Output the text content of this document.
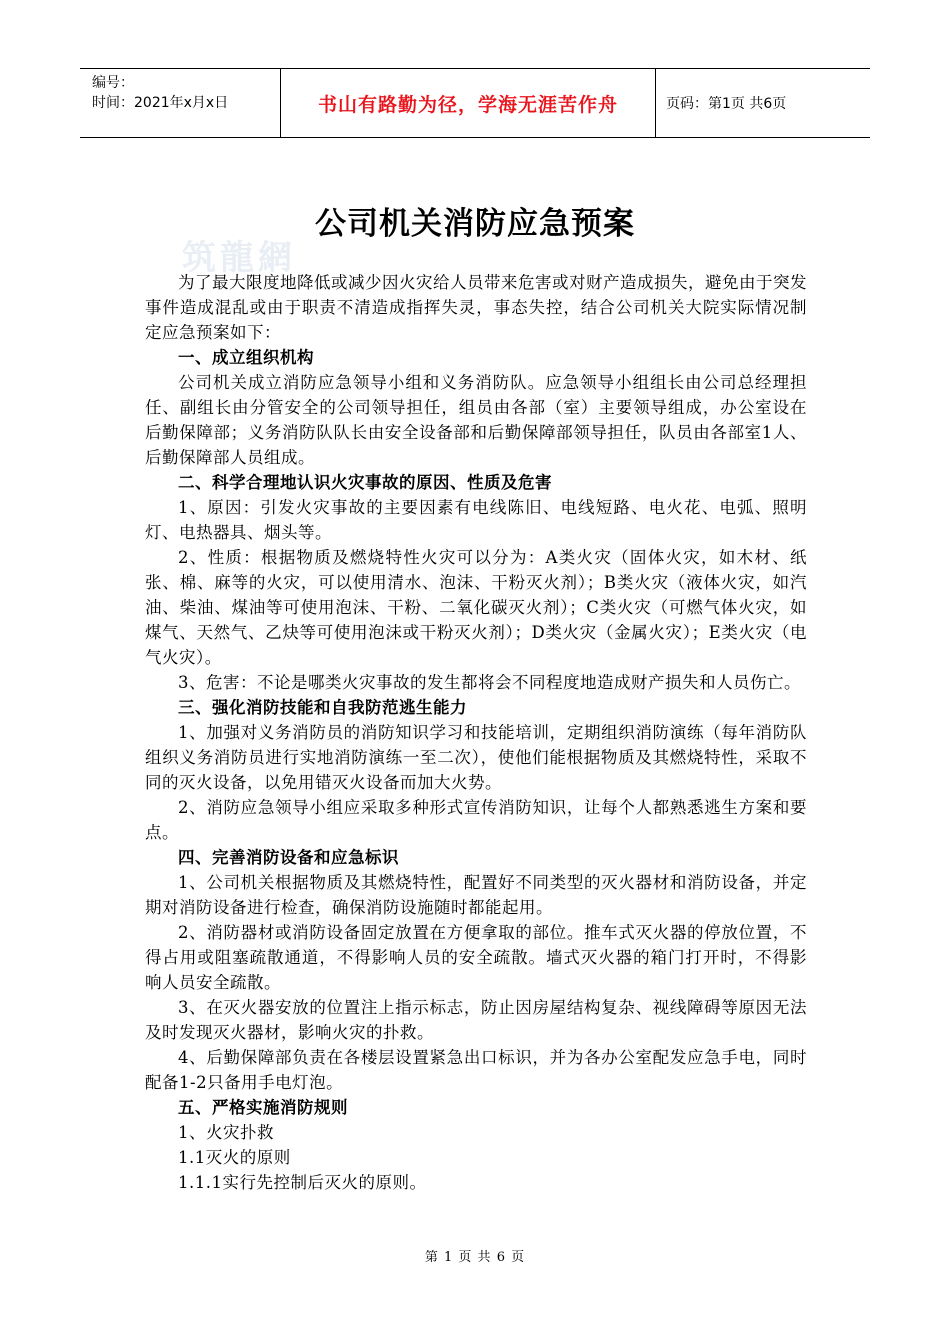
编号：
时间：2021年x月x日	书山有路勤为径，学海无涯苦作舟	页码：第1页 共6页
筑龍網
公司机关消防应急预案

为了最大限度地降低或减少因火灾给人员带来危害或对财产造成损失，避免由于突发事件造成混乱或由于职责不清造成指挥失灵，事态失控，结合公司机关大院实际情况制定应急预案如下：

一、成立组织机构

公司机关成立消防应急领导小组和义务消防队。应急领导小组组长由公司总经理担任、副组长由分管安全的公司领导担任，组员由各部（室）主要领导组成，办公室设在后勤保障部；义务消防队队长由安全设备部和后勤保障部领导担任，队员由各部室1人、后勤保障部人员组成。

二、科学合理地认识火灾事故的原因、性质及危害

1、原因：引发火灾事故的主要因素有电线陈旧、电线短路、电火花、电弧、照明灯、电热器具、烟头等。

2、性质：根据物质及燃烧特性火灾可以分为：A类火灾（固体火灾，如木材、纸张、棉、麻等的火灾，可以使用清水、泡沫、干粉灭火剂）；B类火灾（液体火灾，如汽油、柴油、煤油等可使用泡沫、干粉、二氧化碳灭火剂）；C类火灾（可燃气体火灾，如煤气、天然气、乙炔等可使用泡沫或干粉灭火剂）；D类火灾（金属火灾）；E类火灾（电气火灾）。

3、危害：不论是哪类火灾事故的发生都将会不同程度地造成财产损失和人员伤亡。

三、强化消防技能和自我防范逃生能力

1、加强对义务消防员的消防知识学习和技能培训，定期组织消防演练（每年消防队组织义务消防员进行实地消防演练一至二次），使他们能根据物质及其燃烧特性，采取不同的灭火设备，以免用错灭火设备而加大火势。

2、消防应急领导小组应采取多种形式宣传消防知识，让每个人都熟悉逃生方案和要点。

四、完善消防设备和应急标识

1、公司机关根据物质及其燃烧特性，配置好不同类型的灭火器材和消防设备，并定期对消防设备进行检查，确保消防设施随时都能起用。

2、消防器材或消防设备固定放置在方便拿取的部位。推车式灭火器的停放位置，不得占用或阻塞疏散通道，不得影响人员的安全疏散。墙式灭火器的箱门打开时，不得影响人员安全疏散。

3、在灭火器安放的位置注上指示标志，防止因房屋结构复杂、视线障碍等原因无法及时发现灭火器材，影响火灾的扑救。

4、后勤保障部负责在各楼层设置紧急出口标识，并为各办公室配发应急手电，同时配备1-2只备用手电灯泡。

五、严格实施消防规则

1、火灾扑救

1.1灭火的原则

1.1.1实行先控制后灭火的原则。

第 1 页 共 6 页
